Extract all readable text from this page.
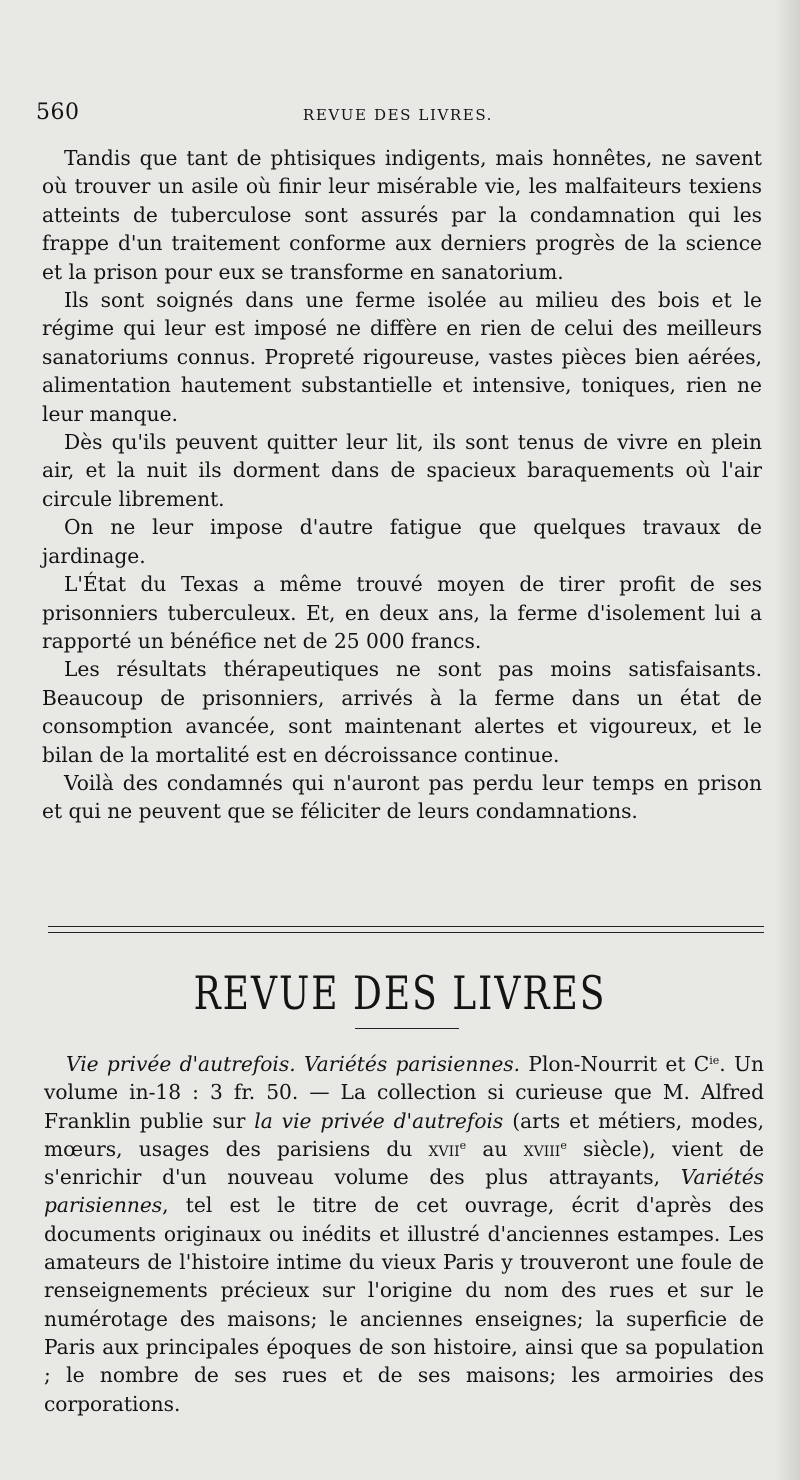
560	REVUE DES LIVRES.

Tandis que tant de phtisiques indigents, mais honnêtes, ne savent où trouver un asile où finir leur misérable vie, les malfaiteurs texiens atteints de tuberculose sont assurés par la condamnation qui les frappe d'un traitement conforme aux derniers progrès de la science et la prison pour eux se transforme en sanatorium.

Ils sont soignés dans une ferme isolée au milieu des bois et le régime qui leur est imposé ne diffère en rien de celui des meilleurs sanatoriums connus. Propreté rigoureuse, vastes pièces bien aérées, alimentation hautement substantielle et intensive, toniques, rien ne leur manque.

Dès qu'ils peuvent quitter leur lit, ils sont tenus de vivre en plein air, et la nuit ils dorment dans de spacieux baraquements où l'air circule librement.

On ne leur impose d'autre fatigue que quelques travaux de jardinage.

L'État du Texas a même trouvé moyen de tirer profit de ses prisonniers tuberculeux. Et, en deux ans, la ferme d'isolement lui a rapporté un bénéfice net de 25 000 francs.

Les résultats thérapeutiques ne sont pas moins satisfaisants. Beaucoup de prisonniers, arrivés à la ferme dans un état de consomption avancée, sont maintenant alertes et vigoureux, et le bilan de la mortalité est en décroissance continue.

Voilà des condamnés qui n'auront pas perdu leur temps en prison et qui ne peuvent que se féliciter de leurs condamnations.

REVUE DES LIVRES

Vie privée d'autrefois. Variétés parisiennes. Plon-Nourrit et $C^{ie}$. Un volume in-18 : 3 fr. 50. — La collection si curieuse que M. Alfred Franklin publie sur la vie privée d'autrefois (arts et métiers, modes, mœurs, usages des parisiens du xvii$^e$ au xviii$^e$ siècle), vient de s'enrichir d'un nouveau volume des plus attrayants, Variétés parisiennes, tel est le titre de cet ouvrage, écrit d'après des documents originaux ou inédits et illustré d'anciennes estampes. Les amateurs de l'histoire intime du vieux Paris y trouveront une foule de renseignements précieux sur l'origine du nom des rues et sur le numérotage des maisons; le anciennes enseignes; la superficie de Paris aux principales époques de son histoire, ainsi que sa population ; le nombre de ses rues et de ses maisons; les armoiries des corporations.
